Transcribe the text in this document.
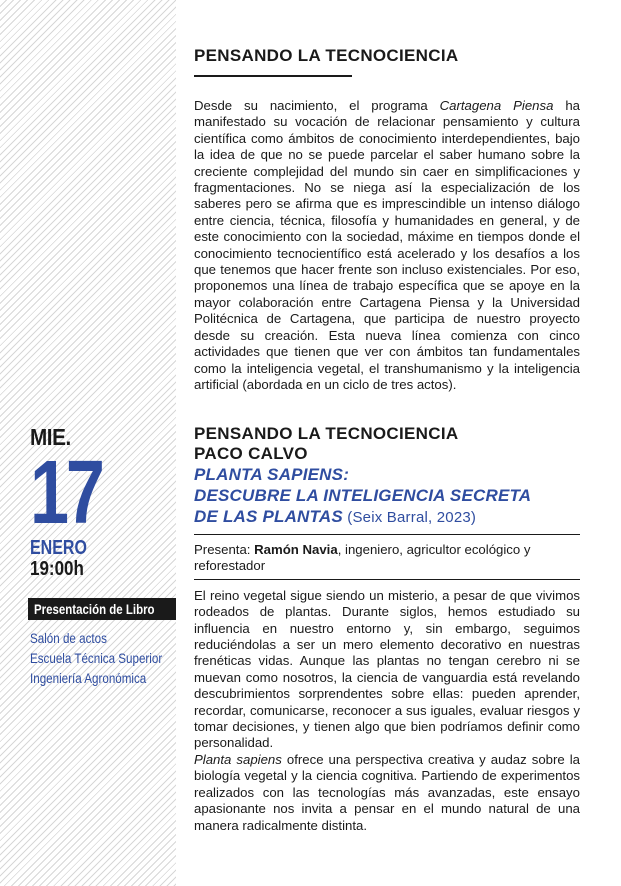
MIE.
17
ENERO
19:00h
Presentación de Libro
Salón de actos
Escuela Técnica Superior
Ingeniería Agronómica
PENSANDO LA TECNOCIENCIA

Desde su nacimiento, el programa Cartagena Piensa ha manifestado su vocación de relacionar pensamiento y cultura científica como ámbitos de conocimiento interdependientes, bajo la idea de que no se puede parcelar el saber humano sobre la creciente complejidad del mundo sin caer en simplificaciones y fragmentaciones. No se niega así la especialización de los saberes pero se afirma que es imprescindible un intenso diálogo entre ciencia, técnica, filosofía y humanidades en general, y de este conocimiento con la sociedad, máxime en tiempos donde el conocimiento tecnocientífico está acelerado y los desafíos a los que tenemos que hacer frente son incluso existenciales. Por eso, proponemos una línea de trabajo específica que se apoye en la mayor colaboración entre Cartagena Piensa y la Universidad Politécnica de Cartagena, que participa de nuestro proyecto desde su creación. Esta nueva línea comienza con cinco actividades que tienen que ver con ámbitos tan fundamentales como la inteligencia vegetal, el transhumanismo y la inteligencia artificial (abordada en un ciclo de tres actos).

PENSANDO LA TECNOCIENCIA
PACO CALVO
PLANTA SAPIENS:
DESCUBRE LA INTELIGENCIA SECRETA
DE LAS PLANTAS (Seix Barral, 2023)
Presenta: Ramón Navia, ingeniero, agricultor ecológico y reforestador

El reino vegetal sigue siendo un misterio, a pesar de que vivimos rodeados de plantas. Durante siglos, hemos estudiado su influencia en nuestro entorno y, sin embargo, seguimos reduciéndolas a ser un mero elemento decorativo en nuestras frenéticas vidas. Aunque las plantas no tengan cerebro ni se muevan como nosotros, la ciencia de vanguardia está revelando descubrimientos sorprendentes sobre ellas: pueden aprender, recordar, comunicarse, reconocer a sus iguales, evaluar riesgos y tomar decisiones, y tienen algo que bien podríamos definir como personalidad.

Planta sapiens ofrece una perspectiva creativa y audaz sobre la biología vegetal y la ciencia cognitiva. Partiendo de experimentos realizados con las tecnologías más avanzadas, este ensayo apasionante nos invita a pensar en el mundo natural de una manera radicalmente distinta.
